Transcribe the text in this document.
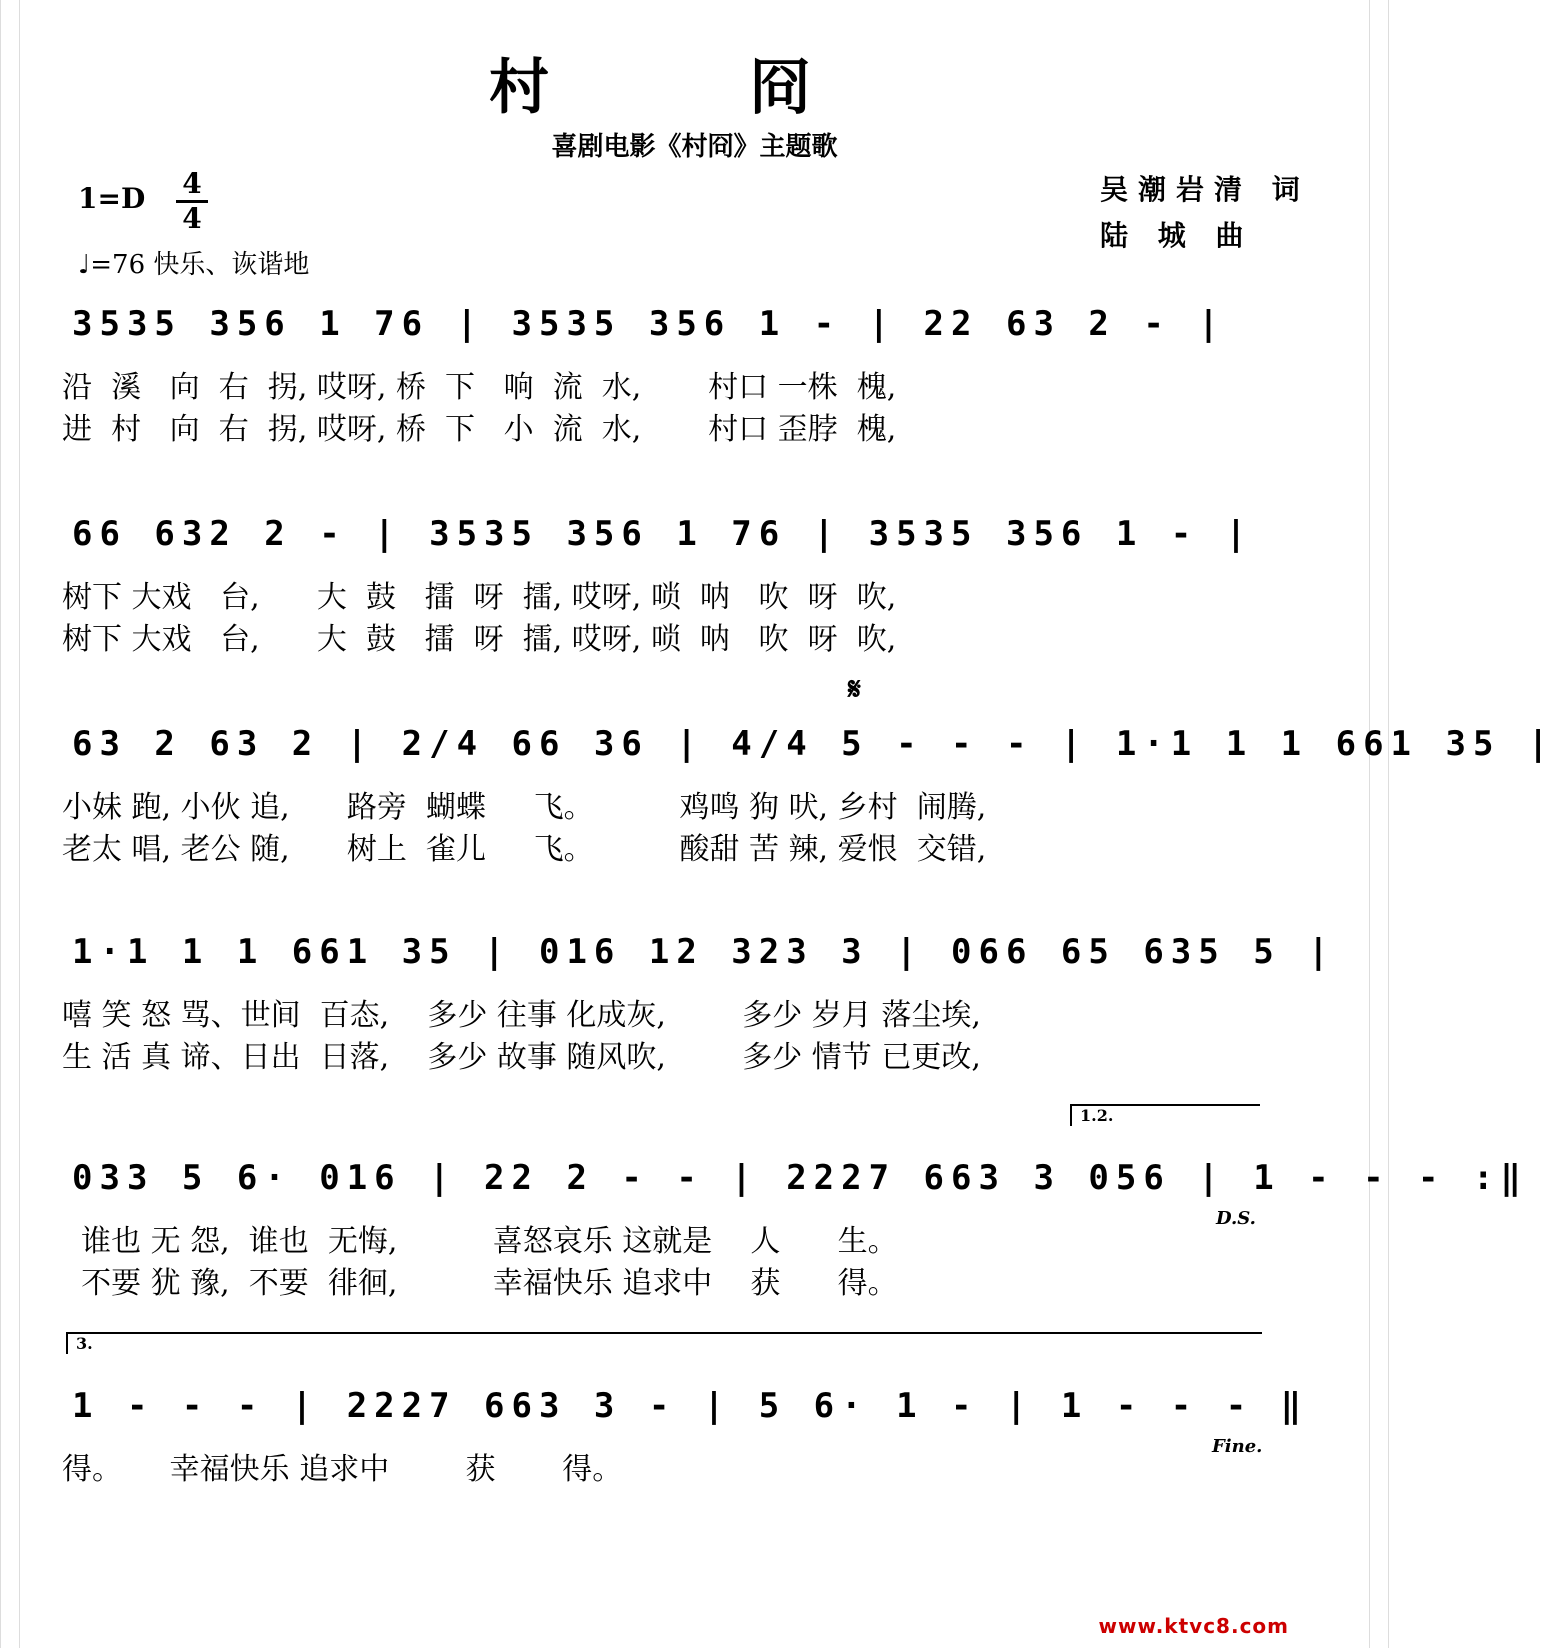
村 冏
喜剧电影《村冏》主题歌
1=D 4
4
♩=76 快乐、诙谐地
吴潮岩清 词
陆 城 曲
3535 356 1 76 | 3535 356 1 - | 22 63 2 - |
沿  溪   向  右  拐, 哎呀, 桥  下   响  流  水,       村口 一株  槐,
进  村   向  右  拐, 哎呀, 桥  下   小  流  水,       村口 歪脖  槐,
66 632 2 - | 3535 356 1 76 | 3535 356 1 - |
树下 大戏   台,      大  鼓   擂  呀  擂, 哎呀, 唢  呐   吹  呀  吹,
树下 大戏   台,      大  鼓   擂  呀  擂, 哎呀, 唢  呐   吹  呀  吹,
𝄋
63 2 63 2 | 2/4 66 36 | 4/4 5 - - - | 1·1 1 1 661 35 |
小妹 跑, 小伙 追,      路旁  蝴蝶     飞。         鸡鸣 狗 吠, 乡村  闹腾,
老太 唱, 老公 随,      树上  雀儿     飞。         酸甜 苦 辣, 爱恨  交错,
1·1 1 1 661 35 | 016 12 323 3 | 066 65 635 5 |
嘻 笑 怒 骂、世间  百态,    多少 往事 化成灰,        多少 岁月 落尘埃,
生 活 真 谛、日出  日落,    多少 故事 随风吹,        多少 情节 已更改,
1.2.
033 5 6· 016 | 22 2 - - | 2227 663 3 056 | 1 - - - :‖
谁也 无 怨,  谁也  无悔,          喜怒哀乐 这就是    人      生。
不要 犹 豫,  不要  徘徊,          幸福快乐 追求中    获      得。
D.S.
3.
1 - - - | 2227 663 3 - | 5 6· 1 - | 1 - - - ‖
得。     幸福快乐 追求中        获       得。
Fine.
www.ktvc8.com
